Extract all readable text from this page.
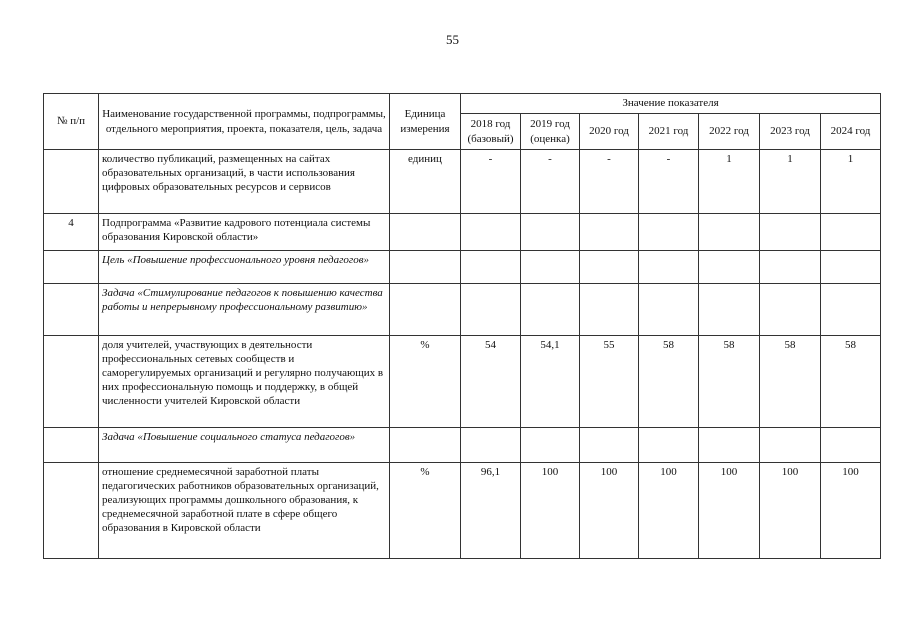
55
№ п/п	Наименование государственной программы, подпрограммы, отдельного мероприятия, проекта, показателя, цель, задача	Единица измерения	Значение показателя						
			2018 год (базовый)	2019 год (оценка)	2020 год	2021 год	2022 год	2023 год	2024 год
	количество публикаций, размещенных на сайтах образовательных организаций, в части использования цифровых образовательных ресурсов и сервисов	единиц	-	-	-	-	1	1	1
4	Подпрограмма «Развитие кадрового потенциала системы образования Кировской области»								
	Цель «Повышение профессионального уровня педагогов»								
	Задача «Стимулирование педагогов к повышению качества работы и непрерывному профессиональному развитию»								
	доля учителей, участвующих в деятельности профессиональных сетевых сообществ и саморегулируемых организаций и регулярно получающих в них профессиональную помощь и поддержку, в общей численности учителей Кировской области	%	54	54,1	55	58	58	58	58
	Задача «Повышение социального статуса педагогов»								
	отношение среднемесячной заработной платы педагогических работников образовательных организаций, реализующих программы дошкольного образования, к среднемесячной заработной плате в сфере общего образования в Кировской области	%	96,1	100	100	100	100	100	100
